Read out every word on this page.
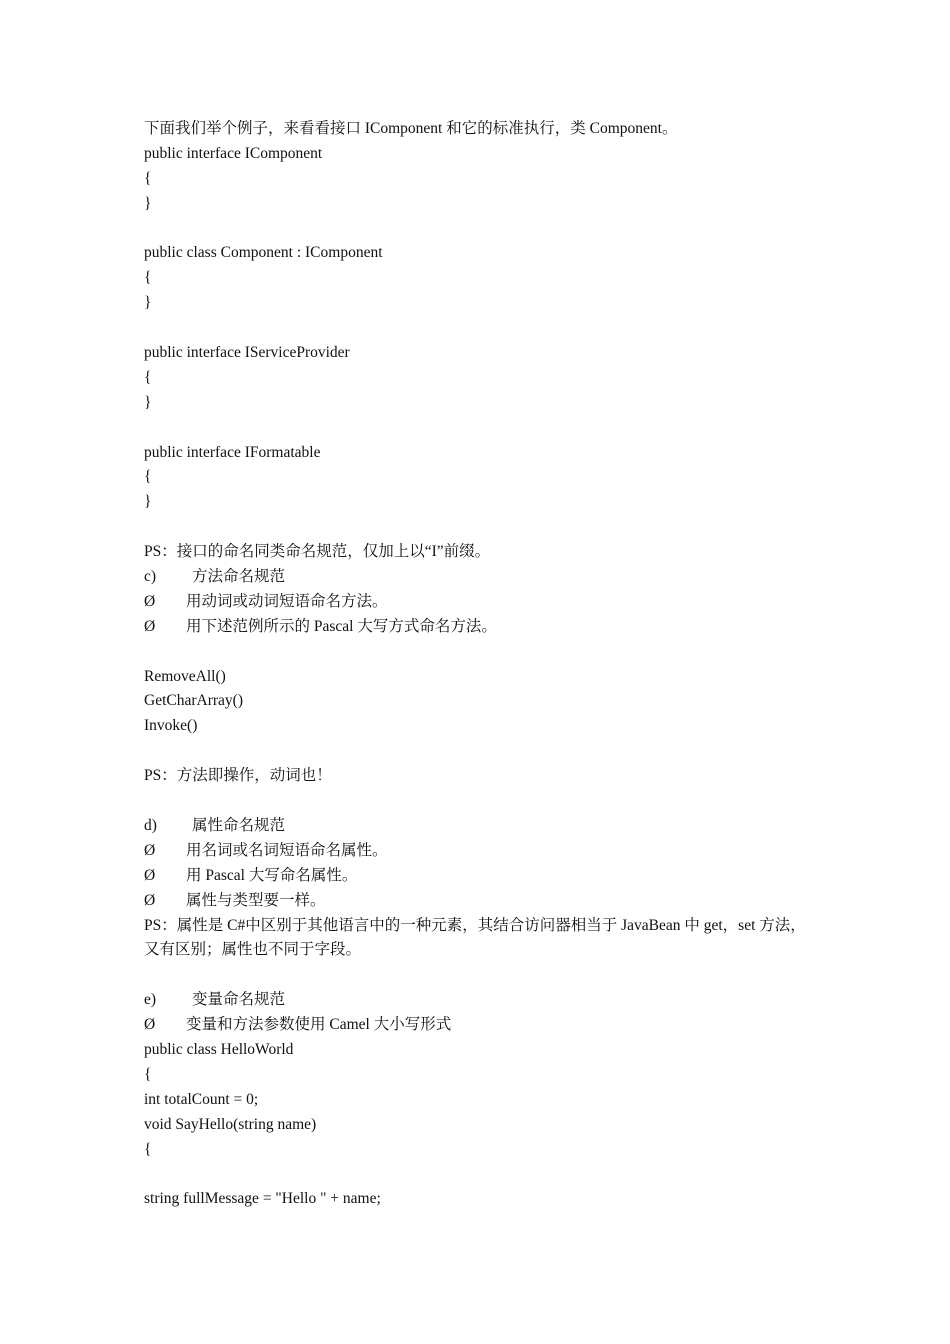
下面我们举个例子，来看看接口 IComponent 和它的标准执行，类 Component。
public interface IComponent
{
}
public class Component : IComponent
{
}
public interface IServiceProvider
{
}
public interface IFormatable
{
}
PS：接口的命名同类命名规范，仅加上以“I”前缀。
c)	方法命名规范
Ø	用动词或动词短语命名方法。
Ø	用下述范例所示的 Pascal 大写方式命名方法。
RemoveAll()
GetCharArray()
Invoke()
PS：方法即操作，动词也！
d)	属性命名规范
Ø	用名词或名词短语命名属性。
Ø	用 Pascal 大写命名属性。
Ø	属性与类型要一样。
PS：属性是 C#中区别于其他语言中的一种元素，其结合访问器相当于 JavaBean 中 get，set 方法，又有区别；属性也不同于字段。
e)	变量命名规范
Ø	变量和方法参数使用 Camel 大小写形式
public class HelloWorld
{
int totalCount = 0;
void SayHello(string name)
{
string fullMessage = "Hello " + name;
